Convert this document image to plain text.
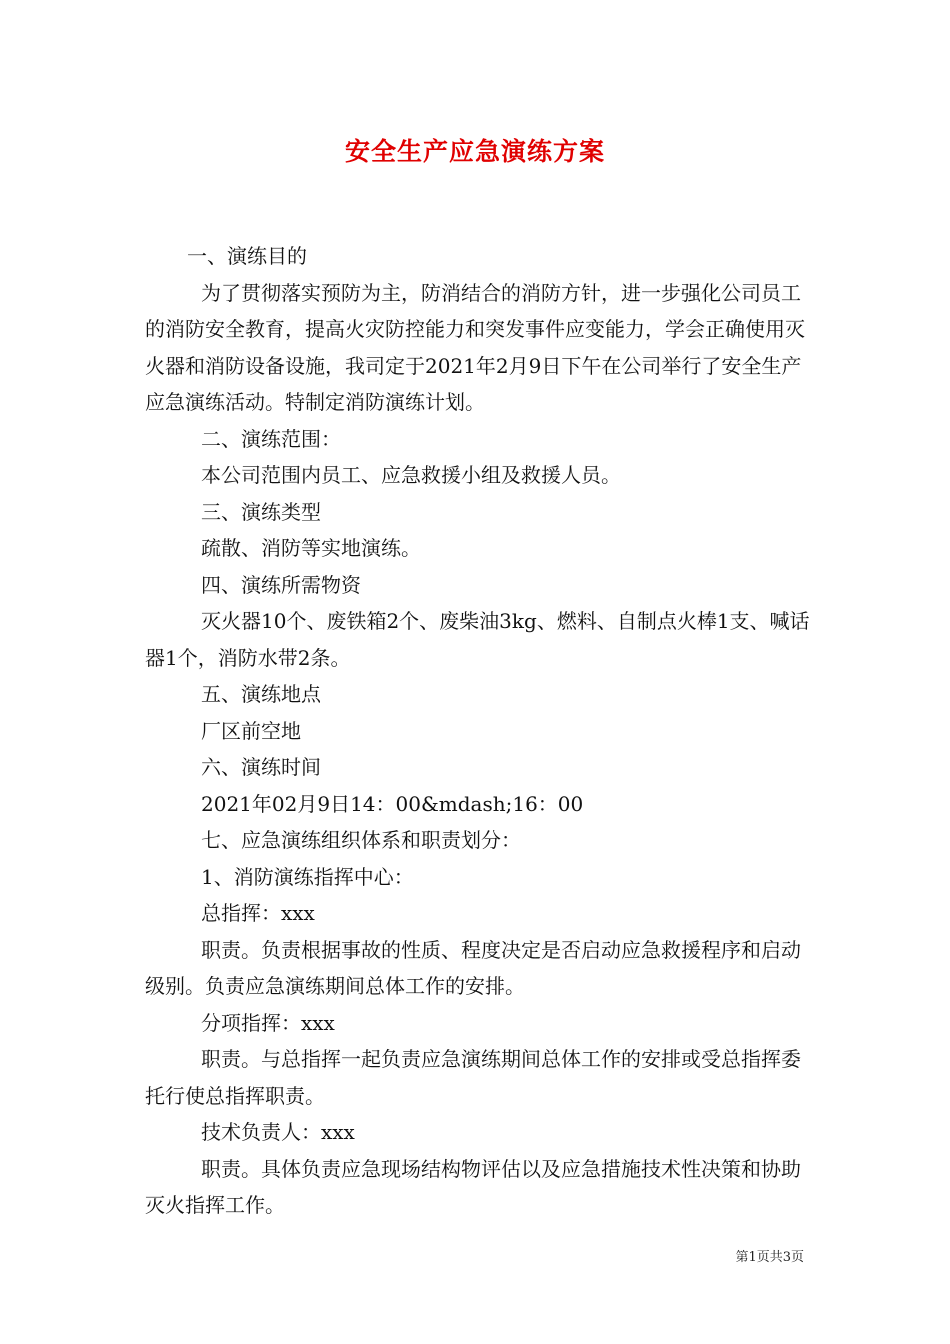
安全生产应急演练方案

一、演练目的

为了贯彻落实预防为主，防消结合的消防方针，进一步强化公司员工的消防安全教育，提高火灾防控能力和突发事件应变能力，学会正确使用灭火器和消防设备设施，我司定于2021年2月9日下午在公司举行了安全生产应急演练活动。特制定消防演练计划。

二、演练范围：

本公司范围内员工、应急救援小组及救援人员。

三、演练类型

疏散、消防等实地演练。

四、演练所需物资

灭火器10个、废铁箱2个、废柴油3kg、燃料、自制点火棒1支、喊话器1个，消防水带2条。

五、演练地点

厂区前空地

六、演练时间

2021年02月9日14：00&mdash;16：00

七、应急演练组织体系和职责划分：

1、消防演练指挥中心：

总指挥：xxx

职责。负责根据事故的性质、程度决定是否启动应急救援程序和启动级别。负责应急演练期间总体工作的安排。

分项指挥：xxx

职责。与总指挥一起负责应急演练期间总体工作的安排或受总指挥委托行使总指挥职责。

技术负责人：xxx

职责。具体负责应急现场结构物评估以及应急措施技术性决策和协助灭火指挥工作。

第1页共3页
